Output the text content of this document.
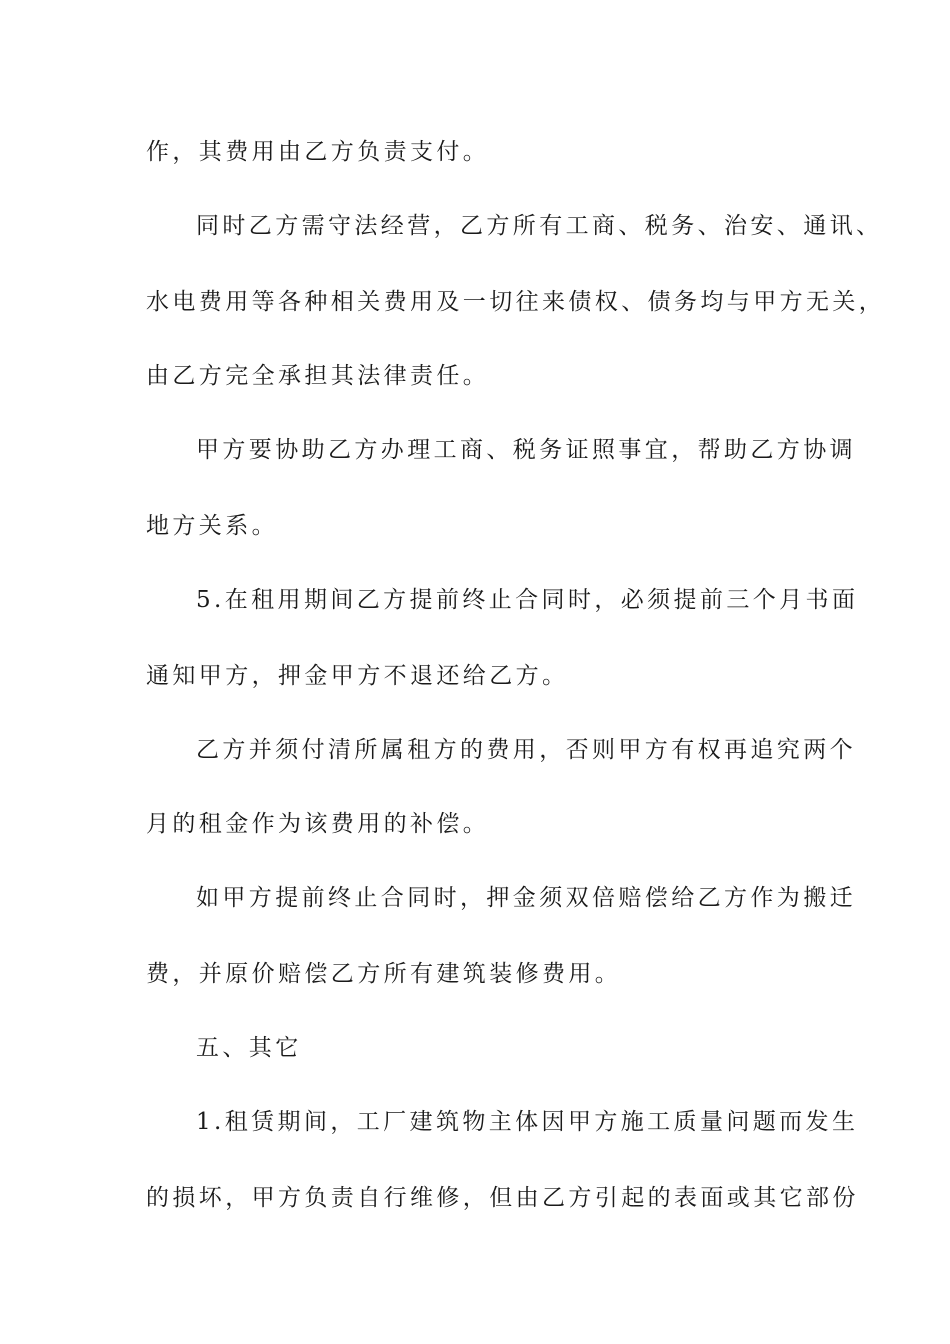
作，其费用由乙方负责支付。
同时乙方需守法经营，乙方所有工商、税务、治安、通讯、
水电费用等各种相关费用及一切往来债权、债务均与甲方无关，
由乙方完全承担其法律责任。
甲方要协助乙方办理工商、税务证照事宜，帮助乙方协调
地方关系。
5.在租用期间乙方提前终止合同时，必须提前三个月书面
通知甲方，押金甲方不退还给乙方。
乙方并须付清所属租方的费用，否则甲方有权再追究两个
月的租金作为该费用的补偿。
如甲方提前终止合同时，押金须双倍赔偿给乙方作为搬迁
费，并原价赔偿乙方所有建筑装修费用。
五、其它
1.租赁期间，工厂建筑物主体因甲方施工质量问题而发生
的损坏，甲方负责自行维修，但由乙方引起的表面或其它部份
